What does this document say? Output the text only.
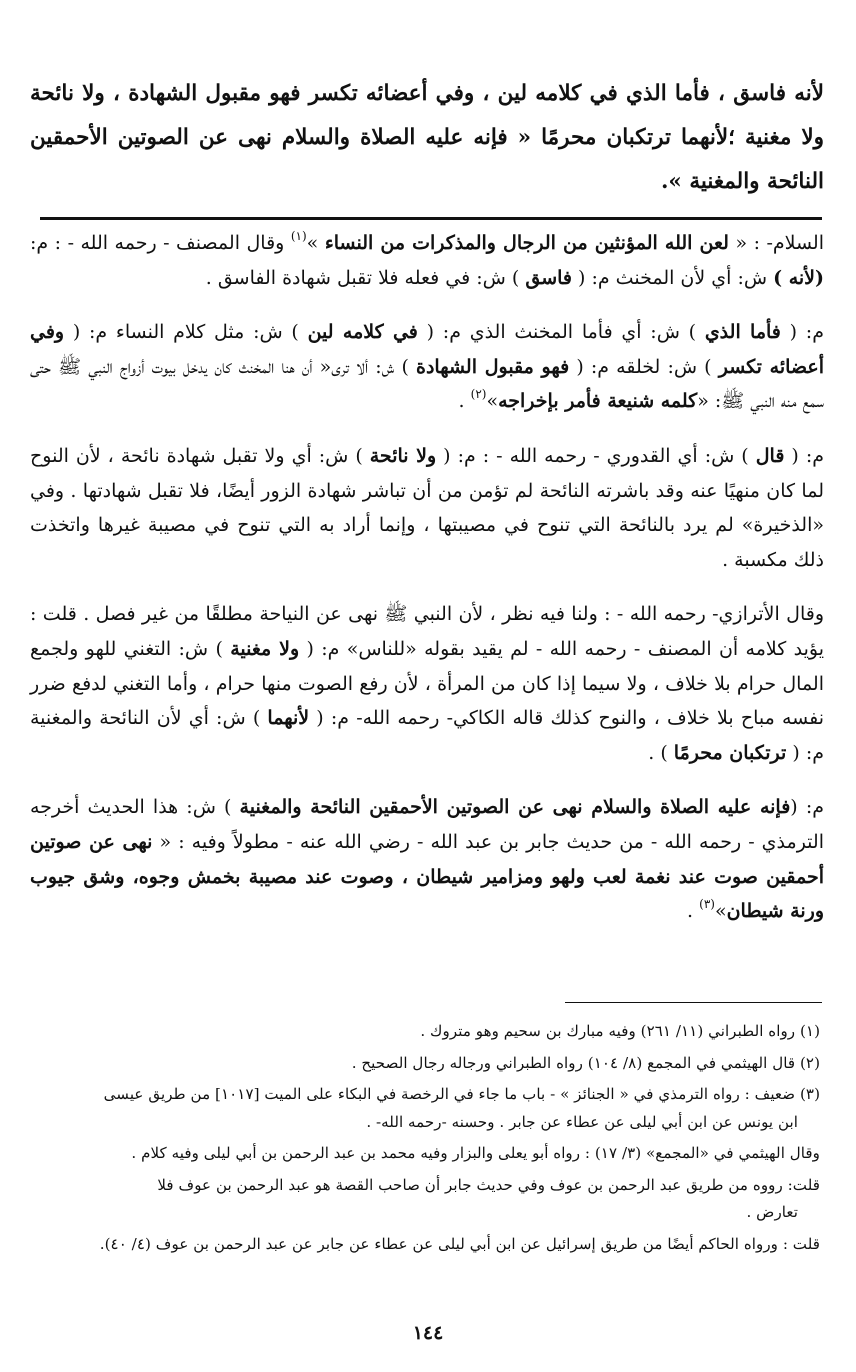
لأنه فاسق ، فأما الذي في كلامه لين ، وفي أعضائه تكسر فهو مقبول الشهادة ، ولا نائحة ولا مغنية ؛لأنهما ترتكبان محرمًا « فإنه عليه الصلاة والسلام نهى عن الصوتين الأحمقين النائحة والمغنية ».

السلام- : « لعن الله المؤنثين من الرجال والمذكرات من النساء »$^{(١)}$ وقال المصنف - رحمه الله - : م: (لأنه ) ش: أي لأن المخنث م: ( فاسق ) ش: في فعله فلا تقبل شهادة الفاسق .

م: ( فأما الذي ) ش: أي فأما المخنث الذي م: ( في كلامه لين ) ش: مثل كلام النساء م: ( وفي أعضائه تكسر ) ش: لخلقه م: ( فهو مقبول الشهادة ) ش: ألا ترى« أن هنا المخنث كان يدخل بيوت أزواج النبي ﷺ حتى سمع منه النبي ﷺ: «كلمه شنيعة فأمر بإخراجه»$^{(٢)}$ .

م: ( قال ) ش: أي القدوري - رحمه الله - : م: ( ولا نائحة ) ش: أي ولا تقبل شهادة نائحة ، لأن النوح لما كان منهيًا عنه وقد باشرته النائحة لم تؤمن من أن تباشر شهادة الزور أيضًا، فلا تقبل شهادتها . وفي «الذخيرة» لم يرد بالنائحة التي تنوح في مصيبتها ، وإنما أراد به التي تنوح في مصيبة غيرها واتخذت ذلك مكسبة .

وقال الأترازي- رحمه الله - : ولنا فيه نظر ، لأن النبي ﷺ نهى عن النياحة مطلقًا من غير فصل . قلت : يؤيد كلامه أن المصنف - رحمه الله - لم يقيد بقوله «للناس» م: ( ولا مغنية ) ش: التغني للهو ولجمع المال حرام بلا خلاف ، ولا سيما إذا كان من المرأة ، لأن رفع الصوت منها حرام ، وأما التغني لدفع ضرر نفسه مباح بلا خلاف ، والنوح كذلك قاله الكاكي- رحمه الله- م: ( لأنهما ) ش: أي لأن النائحة والمغنية م: ( ترتكبان محرمًا ) .

م: (فإنه عليه الصلاة والسلام نهى عن الصوتين الأحمقين النائحة والمغنية ) ش: هذا الحديث أخرجه الترمذي - رحمه الله - من حديث جابر بن عبد الله - رضي الله عنه - مطولاً وفيه : « نهى عن صوتين أحمقين صوت عند نغمة لعب ولهو ومزامير شيطان ، وصوت عند مصيبة بخمش وجوه، وشق جيوب ورنة شيطان»$^{(٣)}$ .

(١) رواه الطبراني (١١/ ٢٦١) وفيه مبارك بن سحيم وهو متروك .

(٢) قال الهيثمي في المجمع (٨/ ١٠٤) رواه الطبراني ورجاله رجال الصحيح .

(٣) ضعيف : رواه الترمذي في « الجنائز » - باب ما جاء في الرخصة في البكاء على الميت [١٠١٧] من طريق عيسى
ابن يونس عن ابن أبي ليلى عن عطاء عن جابر . وحسنه -رحمه الله- .

وقال الهيثمي في «المجمع» (٣/ ١٧) : رواه أبو يعلى والبزار وفيه محمد بن عبد الرحمن بن أبي ليلى وفيه كلام .

قلت: رووه من طريق عبد الرحمن بن عوف وفي حديث جابر أن صاحب القصة هو عبد الرحمن بن عوف فلا
تعارض .

قلت : ورواه الحاكم أيضًا من طريق إسرائيل عن ابن أبي ليلى عن عطاء عن جابر عن عبد الرحمن بن عوف (٤/ ٤٠).

١٤٤
